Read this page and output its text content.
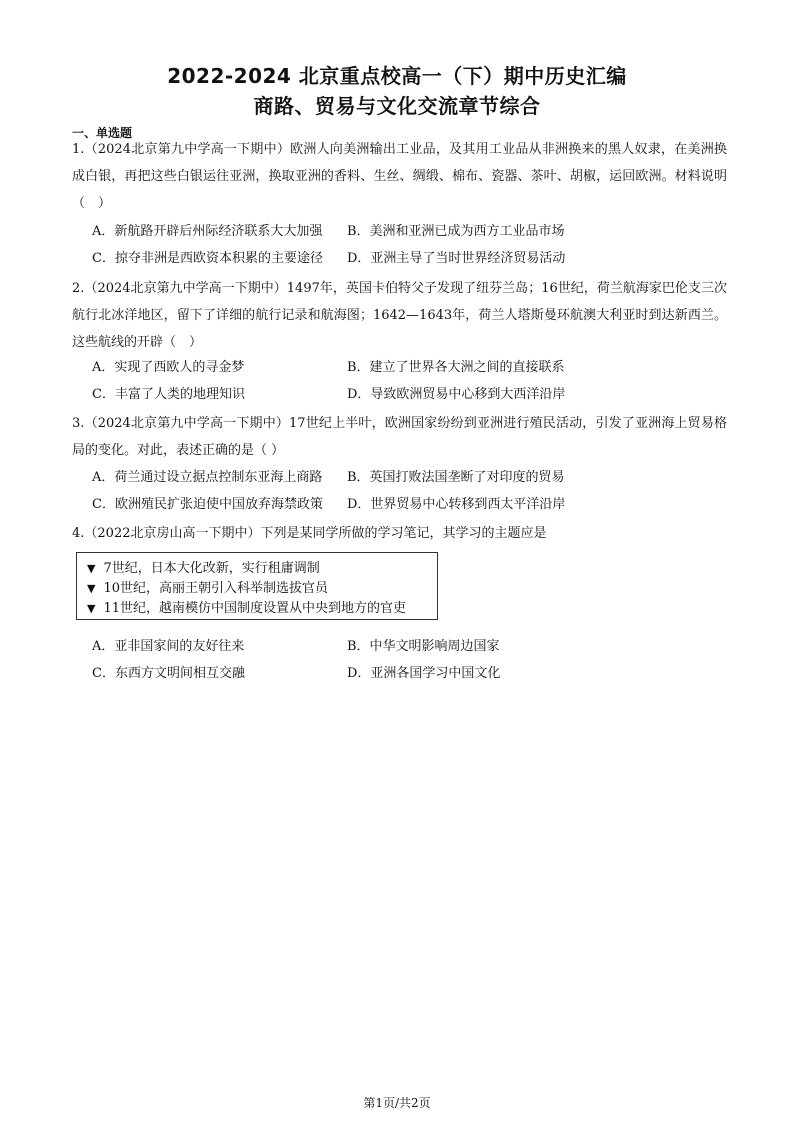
2022-2024 北京重点校高一（下）期中历史汇编
商路、贸易与文化交流章节综合
一、单选题
1.（2024北京第九中学高一下期中）欧洲人向美洲输出工业品，及其用工业品从非洲换来的黑人奴隶，在美洲换成白银，再把这些白银运往亚洲，换取亚洲的香料、生丝、绸缎、棉布、瓷器、茶叶、胡椒，运回欧洲。材料说明（　）
A．新航路开辟后州际经济联系大大加强 B．美洲和亚洲已成为西方工业品市场
C．掠夺非洲是西欧资本积累的主要途径 D．亚洲主导了当时世界经济贸易活动
2.（2024北京第九中学高一下期中）1497年，英国卡伯特父子发现了纽芬兰岛；16世纪，荷兰航海家巴伦支三次航行北冰洋地区，留下了详细的航行记录和航海图；1642—1643年，荷兰人塔斯曼环航澳大利亚时到达新西兰。这些航线的开辟（　）
A．实现了西欧人的寻金梦	B．建立了世界各大洲之间的直接联系
C．丰富了人类的地理知识	D．导致欧洲贸易中心移到大西洋沿岸
3.（2024北京第九中学高一下期中）17世纪上半叶，欧洲国家纷纷到亚洲进行殖民活动，引发了亚洲海上贸易格局的变化。对此，表述正确的是（ ）
A．荷兰通过设立据点控制东亚海上商路 B．英国打败法国垄断了对印度的贸易
C．欧洲殖民扩张迫使中国放弃海禁政策 D．世界贸易中心转移到西太平洋沿岸
4.（2022北京房山高一下期中）下列是某同学所做的学习笔记，其学习的主题应是
▼ 7世纪，日本大化改新，实行租庸调制
▼ 10世纪，高丽王朝引入科举制选拔官员
▼ 11世纪，越南模仿中国制度设置从中央到地方的官吏
A．亚非国家间的友好往来	B．中华文明影响周边国家
C．东西方文明间相互交融	D．亚洲各国学习中国文化
第1页/共2页
